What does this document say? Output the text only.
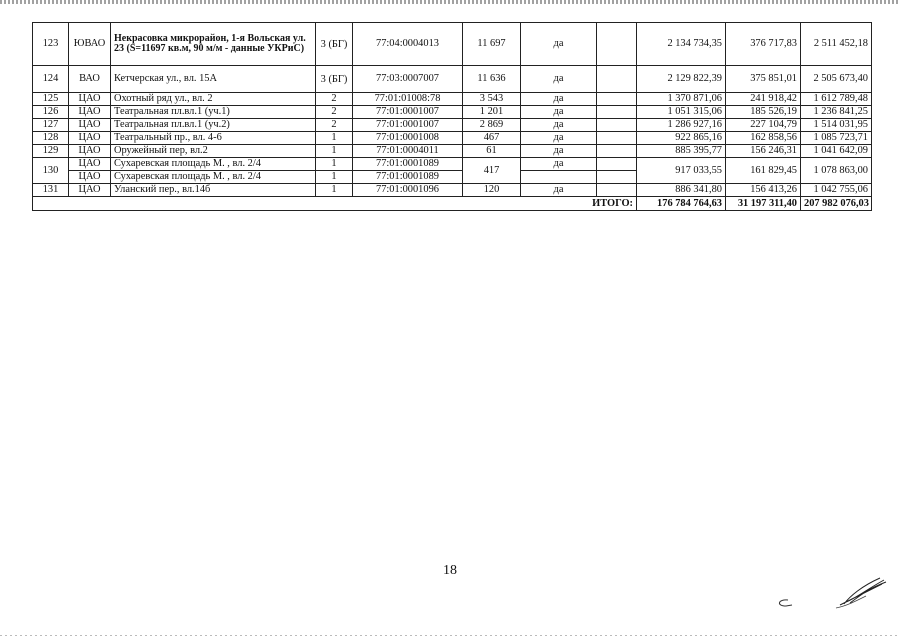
123	ЮВАО	Некрасовка микрорайон, 1-я Вольская ул. 23 (S=11697 кв.м, 90 м/м - данные УКРиС)	3 (БГ)	77:04:0004013	11 697	да		2 134 734,35	376 717,83	2 511 452,18
124	ВАО	Кетчерская ул., вл. 15А	3 (БГ)	77:03:0007007	11 636	да		2 129 822,39	375 851,01	2 505 673,40
125	ЦАО	Охотный ряд ул., вл. 2	2	77:01:01008:78	3 543	да		1 370 871,06	241 918,42	1 612 789,48
126	ЦАО	Театральная пл.вл.1 (уч.1)	2	77:01:0001007	1 201	да		1 051 315,06	185 526,19	1 236 841,25
127	ЦАО	Театральная пл.вл.1 (уч.2)	2	77:01:0001007	2 869	да		1 286 927,16	227 104,79	1 514 031,95
128	ЦАО	Театральный пр., вл. 4-6	1	77:01:0001008	467	да		922 865,16	162 858,56	1 085 723,71
129	ЦАО	Оружейный пер, вл.2	1	77:01:0004011	61	да		885 395,77	156 246,31	1 041 642,09
130	ЦАО	Сухаревская площадь М. , вл. 2/4	1	77:01:0001089	417	да		917 033,55	161 829,45	1 078 863,00
	ЦАО	Сухаревская площадь М. , вл. 2/4	1	77:01:0001089						
131	ЦАО	Уланский пер., вл.14б	1	77:01:0001096	120	да		886 341,80	156 413,26	1 042 755,06
ИТОГО:								176 784 764,63	31 197 311,40	207 982 076,03
18
